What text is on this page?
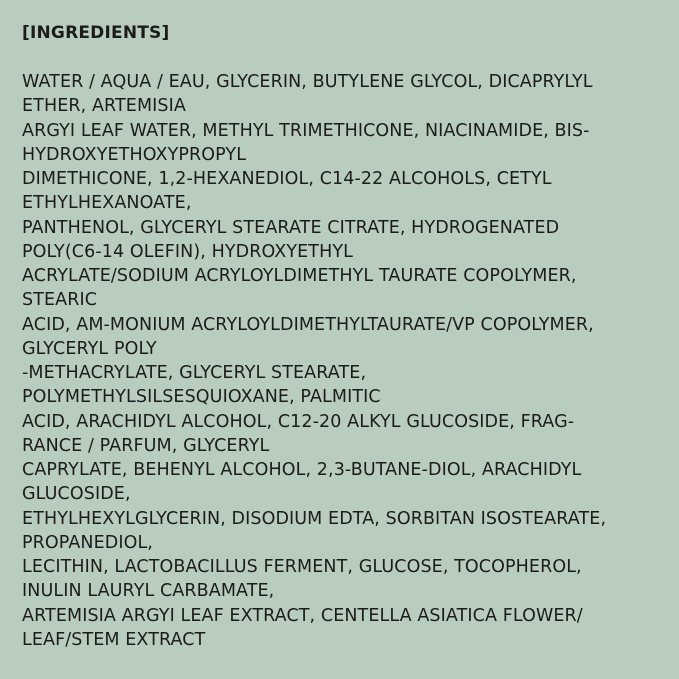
[INGREDIENTS]
WATER / AQUA / EAU, GLYCERIN, BUTYLENE GLYCOL, DICAPRYLYL
ETHER, ARTEMISIA
ARGYI LEAF WATER, METHYL TRIMETHICONE, NIACINAMIDE, BIS-
HYDROXYETHOXYPROPYL
DIMETHICONE, 1,2-HEXANEDIOL, C14-22 ALCOHOLS, CETYL
ETHYLHEXANOATE,
PANTHENOL, GLYCERYL STEARATE CITRATE, HYDROGENATED
POLY(C6-14 OLEFIN), HYDROXYETHYL
ACRYLATE/SODIUM ACRYLOYLDIMETHYL TAURATE COPOLYMER,
STEARIC
ACID, AM-MONIUM ACRYLOYLDIMETHYLTAURATE/VP COPOLYMER,
GLYCERYL POLY
-METHACRYLATE, GLYCERYL STEARATE,
POLYMETHYLSILSESQUIOXANE, PALMITIC
ACID, ARACHIDYL ALCOHOL, C12-20 ALKYL GLUCOSIDE, FRAG-
RANCE / PARFUM, GLYCERYL
CAPRYLATE, BEHENYL ALCOHOL, 2,3-BUTANE-DIOL, ARACHIDYL
GLUCOSIDE,
ETHYLHEXYLGLYCERIN, DISODIUM EDTA, SORBITAN ISOSTEARATE,
PROPANEDIOL,
LECITHIN, LACTOBACILLUS FERMENT, GLUCOSE, TOCOPHEROL,
INULIN LAURYL CARBAMATE,
ARTEMISIA ARGYI LEAF EXTRACT, CENTELLA ASIATICA FLOWER/
LEAF/STEM EXTRACT
